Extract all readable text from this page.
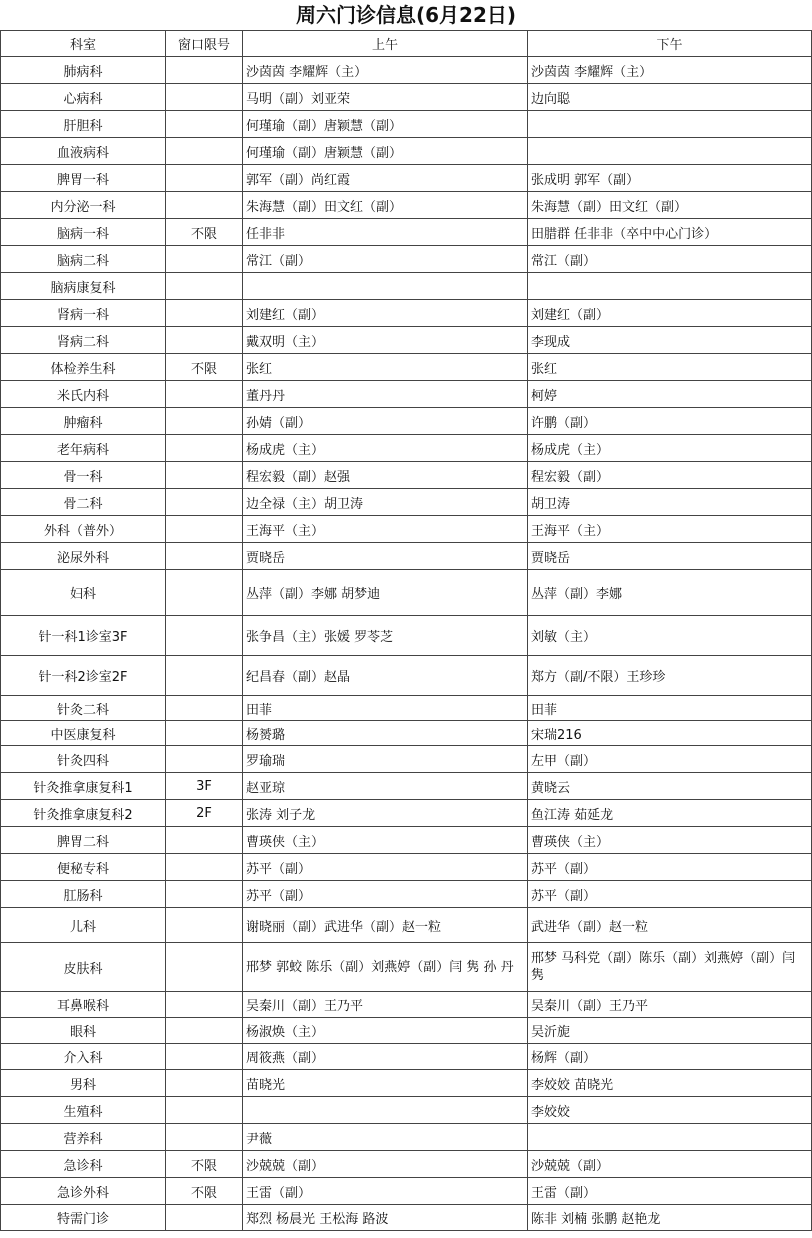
周六门诊信息(6月22日)
科室	窗口限号	上午	下午
肺病科		沙茵茵 李耀辉（主）	沙茵茵 李耀辉（主）
心病科		马明（副）刘亚荣	边向聪
肝胆科		何瑾瑜（副）唐颖慧（副）	
血液病科		何瑾瑜（副）唐颖慧（副）	
脾胃一科		郭军（副）尚红霞	张成明 郭军（副）
内分泌一科		朱海慧（副）田文红（副）	朱海慧（副）田文红（副）
脑病一科	不限	任非非	田腊群 任非非（卒中中心门诊）
脑病二科		常江（副）	常江（副）
脑病康复科			
肾病一科		刘建红（副）	刘建红（副）
肾病二科		戴双明（主）	李现成
体检养生科	不限	张红	张红
米氏内科		董丹丹	柯婷
肿瘤科		孙婧（副）	许鹏（副）
老年病科		杨成虎（主）	杨成虎（主）
骨一科		程宏毅（副）赵强	程宏毅（副）
骨二科		边全禄（主）胡卫涛	胡卫涛
外科（普外）		王海平（主）	王海平（主）
泌尿外科		贾晓岳	贾晓岳
妇科		丛萍（副）李娜 胡梦迪	丛萍（副）李娜
针一科1诊室3F		张争昌（主）张媛 罗苓芝	刘敏（主）
针一科2诊室2F		纪昌春（副）赵晶	郑方（副/不限）王珍珍
针灸二科		田菲	田菲
中医康复科		杨赟璐	宋瑞216
针灸四科		罗瑜瑞	左甲（副）
针灸推拿康复科1	3F	赵亚琼	黄晓云
针灸推拿康复科2	2F	张涛 刘子龙	鱼江涛 茹延龙
脾胃二科		曹瑛侠（主）	曹瑛侠（主）
便秘专科		苏平（副）	苏平（副）
肛肠科		苏平（副）	苏平（副）
儿科		谢晓丽（副）武进华（副）赵一粒	武进华（副）赵一粒
皮肤科		邢梦 郭蛟 陈乐（副）刘燕婷（副）闫 隽 孙 丹	邢梦 马科党（副）陈乐（副）刘燕婷（副）闫 隽
耳鼻喉科		吴秦川（副）王乃平	吴秦川（副）王乃平
眼科		杨淑焕（主）	吴沂旎
介入科		周筱燕（副）	杨辉（副）
男科		苗晓光	李姣姣 苗晓光
生殖科			李姣姣
营养科		尹薇	
急诊科	不限	沙兢兢（副）	沙兢兢（副）
急诊外科	不限	王雷（副）	王雷（副）
特需门诊		郑烈 杨晨光 王松海 路波	陈非 刘楠 张鹏 赵艳龙
